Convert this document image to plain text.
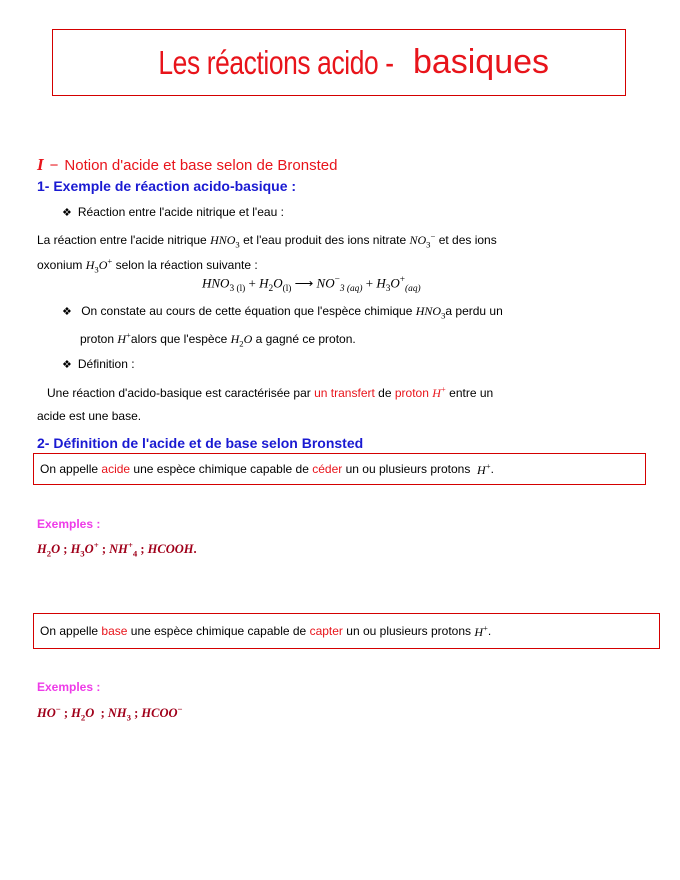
Les réactions acido - basiques
I − Notion d'acide et base selon de Bronsted
1- Exemple de réaction acido-basique :
❖ Réaction entre l'acide nitrique et l'eau :
La réaction entre l'acide nitrique $HNO_3$ et l'eau produit des ions nitrate $NO_3^-$ et des ions
oxonium $H_3O^+$ selon la réaction suivante :
$HNO_{3 (l)} + H_2O_{(l)}$ ⟶ $NO^-_{3 (aq)} + H_3O^+_{(aq)}$
❖ On constate au cours de cette équation que l'espèce chimique $HNO_3a$ perdu un
proton H+alors que l'espèce $H_2O$ a gagné ce proton.
❖ Définition :
Une réaction d'acido-basique est caractérisée par un transfert de proton H+ entre un
acide est une base.
2- Définition de l'acide et de base selon Bronsted
On appelle
acide
une espèce chimique capable de
céder
un ou plusieurs protons
H+ .
Exemples :
$H_2O$ ; $H_3O^+$ ; $NH^+_4$ ; HCOOH.
On appelle
base
une espèce chimique capable de
capter
un ou plusieurs protons
H+ .
Exemples :
HO− ; $H_2O$  ; $NH_3$ ; HCOO−
